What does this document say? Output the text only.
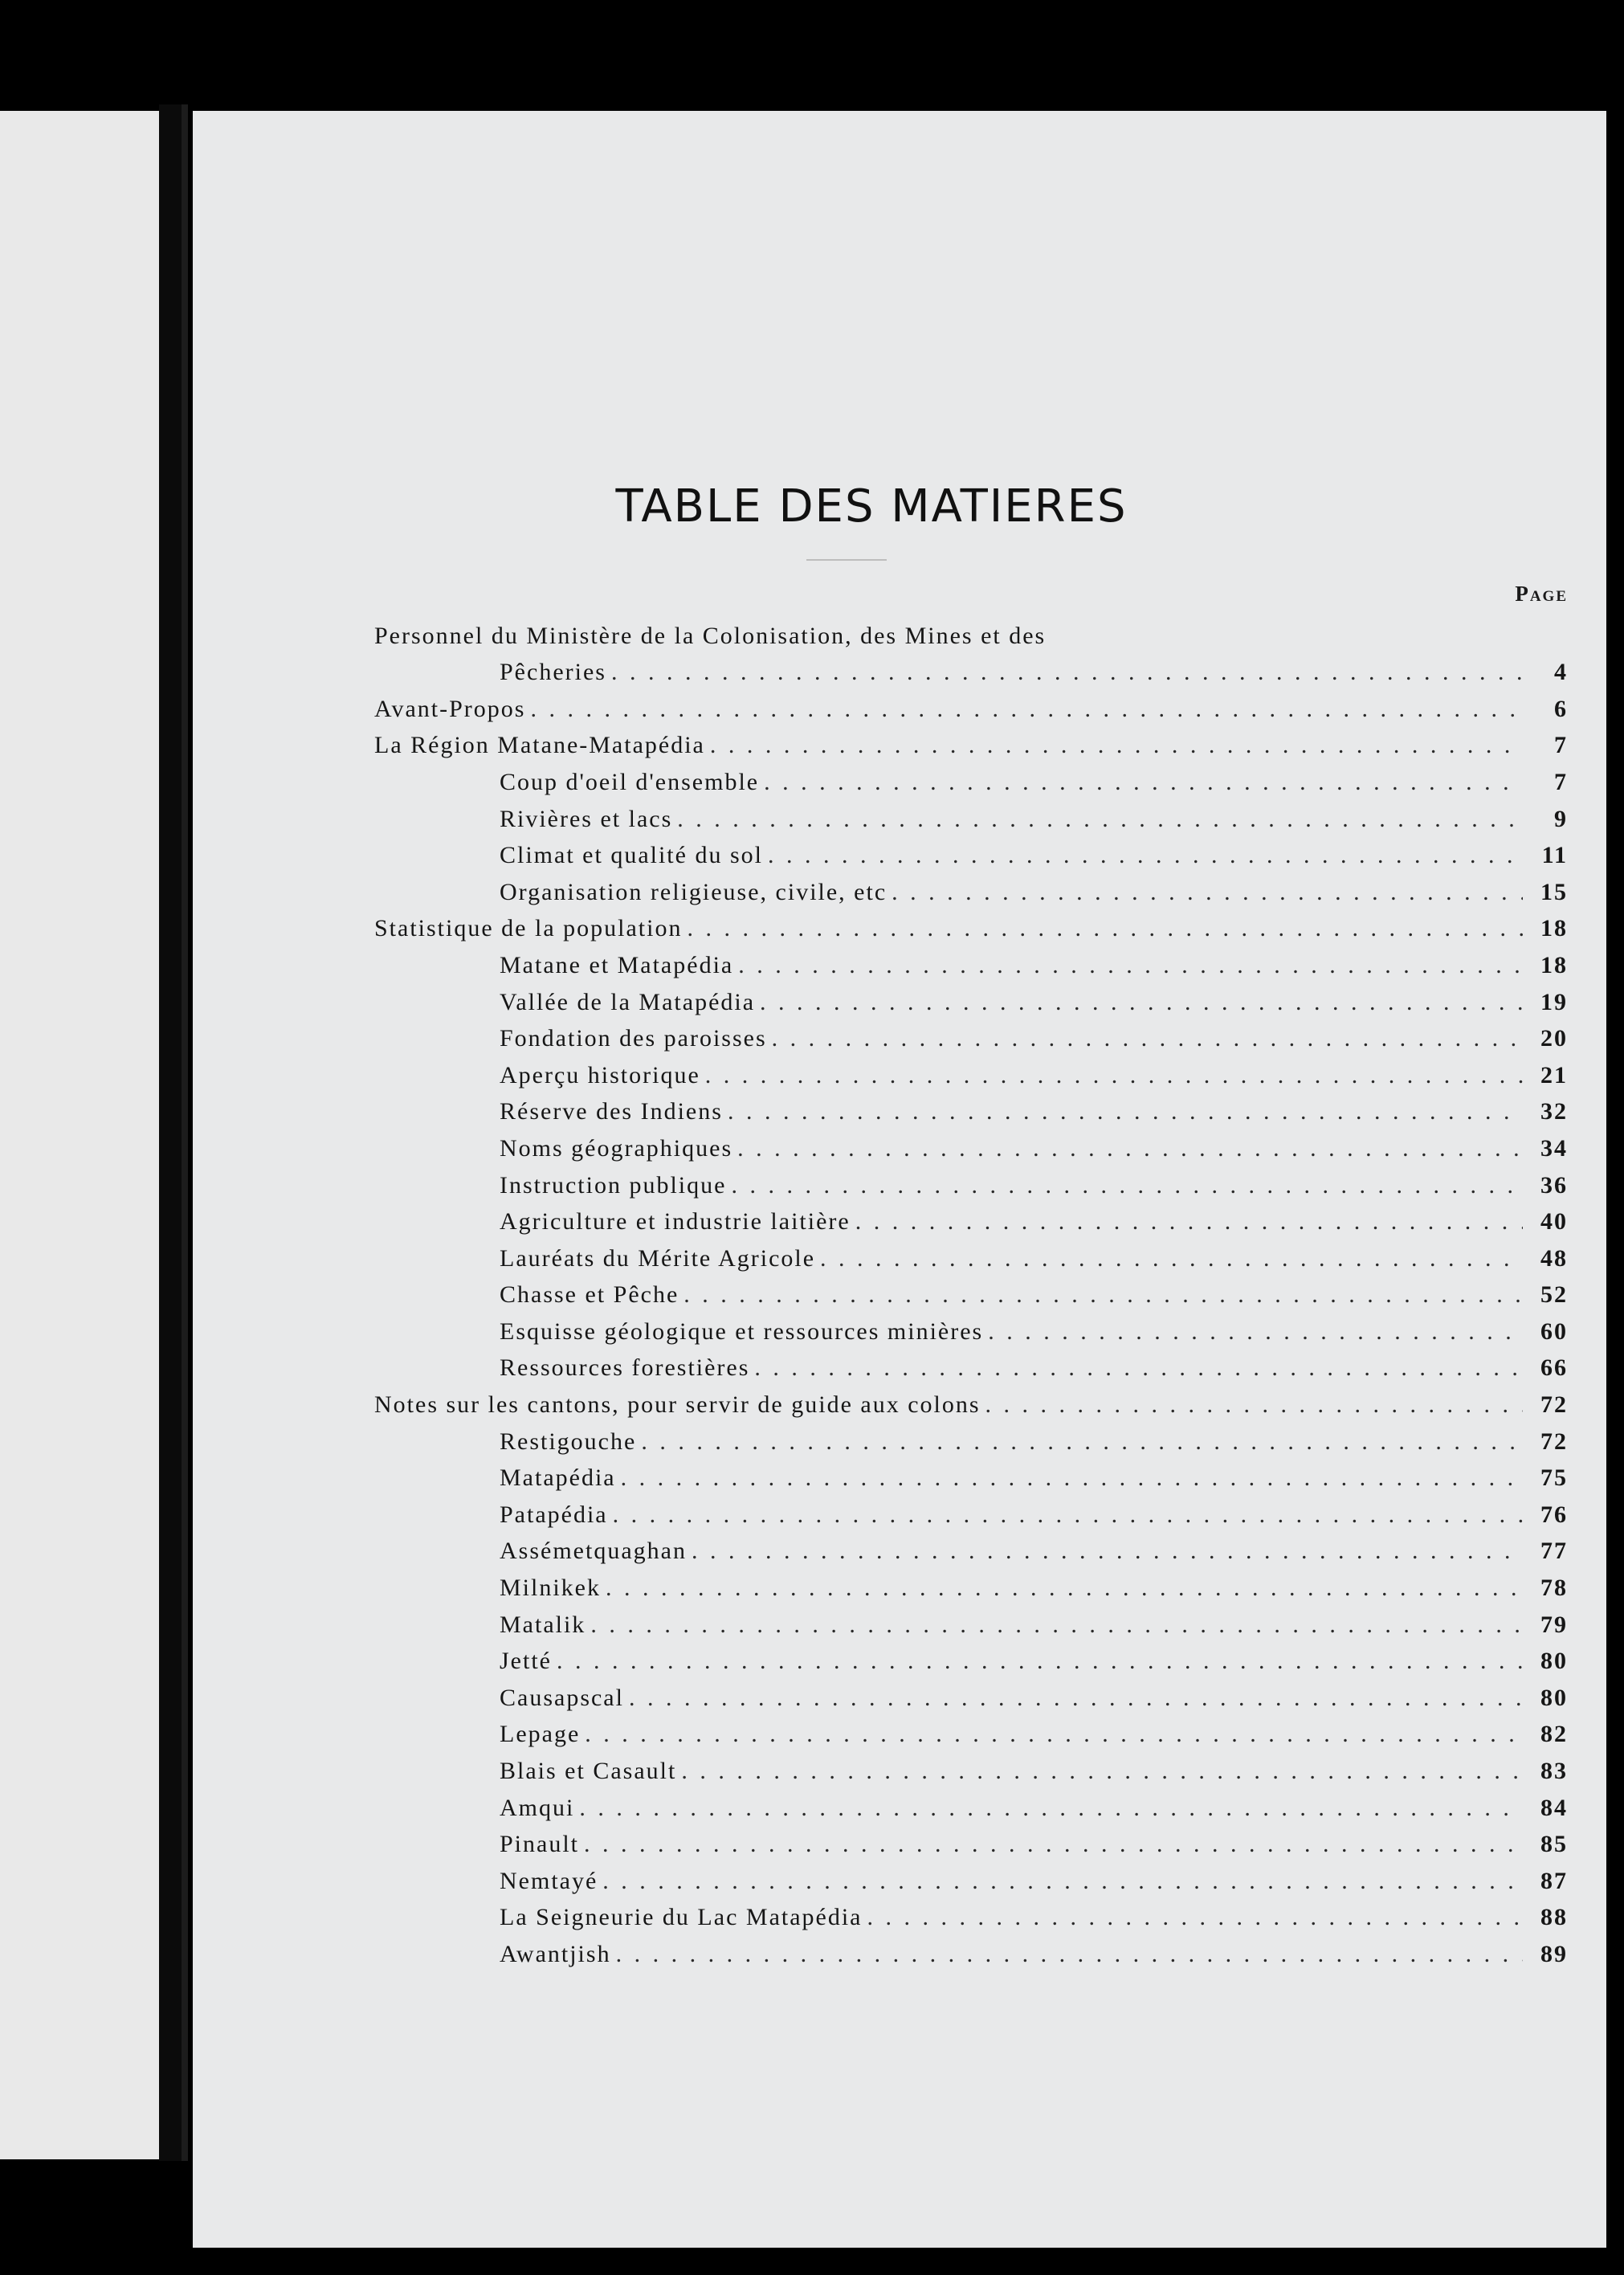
TABLE DES MATIERES
Page
Personnel du Ministère de la Colonisation, des Mines et des
Pêcheries . . .	4
Avant-Propos . . .	6
La Région Matane-Matapédia . . .	7
Coup d'oeil d'ensemble . . .	7
Rivières et lacs . . .	9
Climat et qualité du sol . . .	11
Organisation religieuse, civile, etc . . .	15
Statistique de la population . . .	18
Matane et Matapédia . . .	18
Vallée de la Matapédia . . .	19
Fondation des paroisses . . .	20
Aperçu historique . . .	21
Réserve des Indiens . . .	32
Noms géographiques . . .	34
Instruction publique . . .	36
Agriculture et industrie laitière . . .	40
Lauréats du Mérite Agricole . . .	48
Chasse et Pêche . . .	52
Esquisse géologique et ressources minières . . .	60
Ressources forestières . . .	66
Notes sur les cantons, pour servir de guide aux colons . . .	72
Restigouche . . .	72
Matapédia . . .	75
Patapédia . . .	76
Assémetquaghan . . .	77
Milnikek . . .	78
Matalik . . .	79
Jetté . . .	80
Causapscal . . .	80
Lepage . . .	82
Blais et Casault . . .	83
Amqui . . .	84
Pinault . . .	85
Nemtayé . . .	87
La Seigneurie du Lac Matapédia . . .	88
Awantjish . . .	89
